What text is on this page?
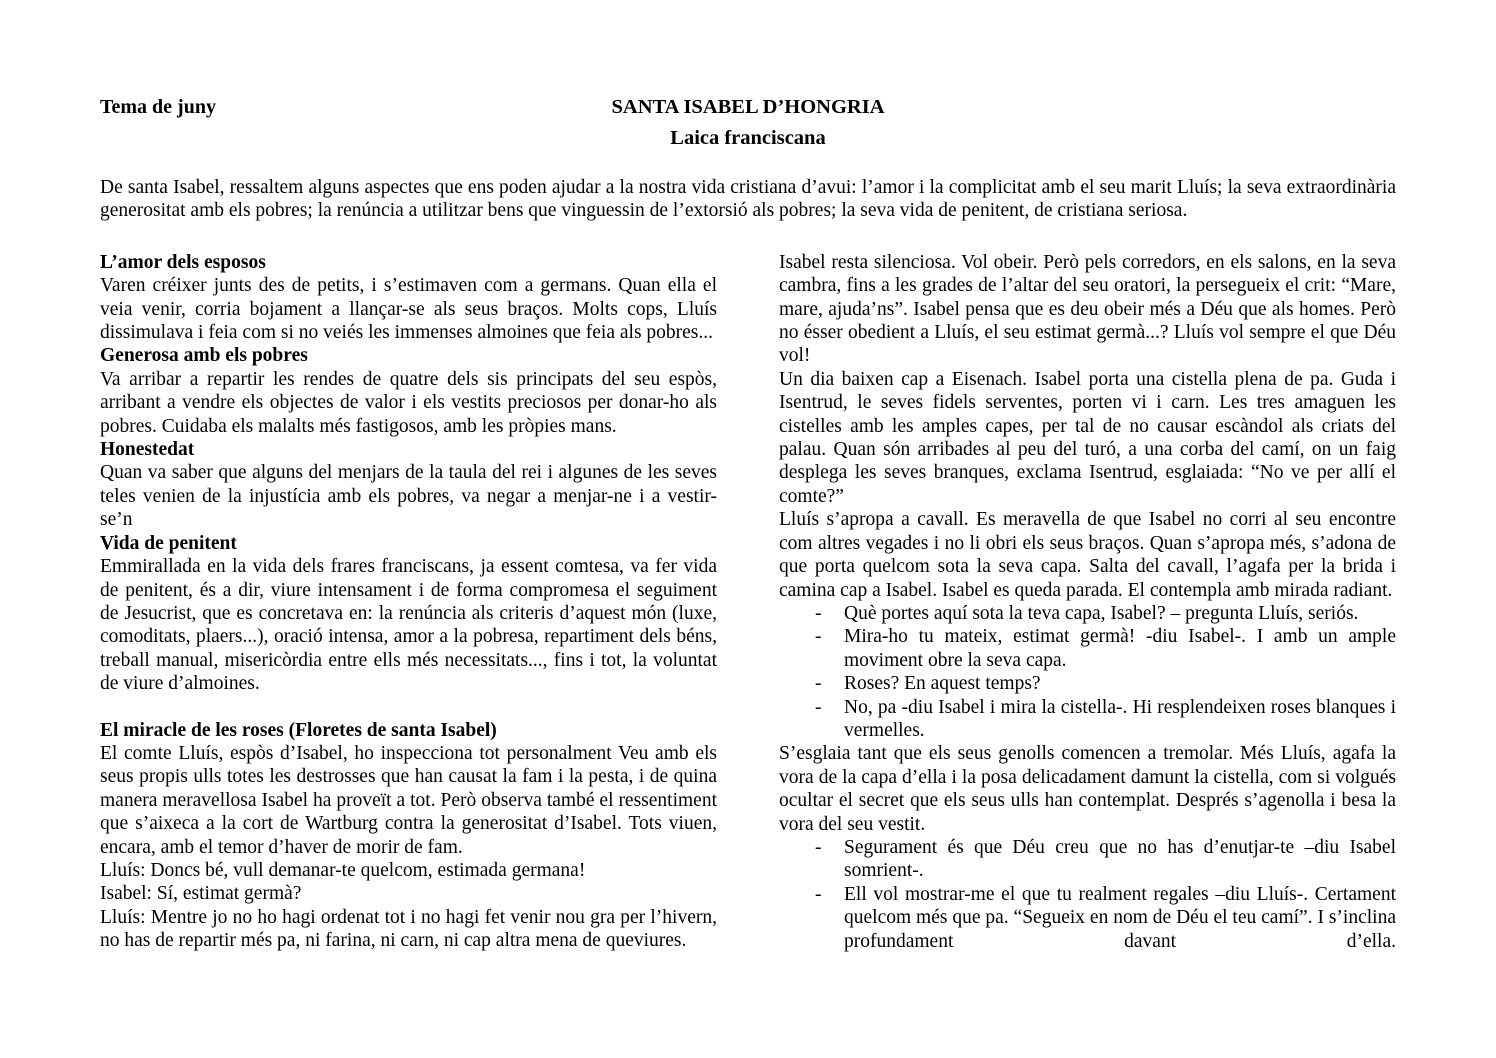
Tema de juny	SANTA ISABEL D’HONGRIA
Laica franciscana

De santa Isabel, ressaltem alguns aspectes que ens poden ajudar a la nostra vida cristiana d’avui: l’amor i la complicitat amb el seu marit Lluís; la seva extraordinària generositat amb els pobres; la renúncia a utilitzar bens que vinguessin de l’extorsió als pobres; la seva vida de penitent, de cristiana seriosa.

L’amor dels esposos

Varen créixer junts des de petits, i s’estimaven com a germans. Quan ella el veia venir, corria bojament a llançar-se als seus braços. Molts cops, Lluís dissimulava i feia com si no veiés les immenses almoines que feia als pobres...

Generosa amb els pobres

Va arribar a repartir les rendes de quatre dels sis principats del seu espòs, arribant a vendre els objectes de valor i els vestits preciosos per donar-ho als pobres. Cuidaba els malalts més fastigosos, amb les pròpies mans.

Honestedat

Quan va saber que alguns del menjars de la taula del rei i algunes de les seves teles venien de la injustícia amb els pobres, va negar a menjar-ne i a vestir-se’n

Vida de penitent

Emmirallada en la vida dels frares franciscans, ja essent comtesa, va fer vida de penitent, és a dir, viure intensament i de forma compromesa el seguiment de Jesucrist, que es concretava en: la renúncia als criteris d’aquest món (luxe, comoditats, plaers...), oració intensa, amor a la pobresa, repartiment dels béns, treball manual, misericòrdia entre ells més necessitats..., fins i tot, la voluntat de viure d’almoines.

El miracle de les roses (Floretes de santa Isabel)

El comte Lluís, espòs d’Isabel, ho inspecciona tot personalment Veu amb els seus propis ulls totes les destrosses que han causat la fam i la pesta, i de quina manera meravellosa Isabel ha proveït a tot. Però observa també el ressentiment que s’aixeca a la cort de Wartburg contra la generositat d’Isabel. Tots viuen, encara, amb el temor d’haver de morir de fam.

Lluís: Doncs bé, vull demanar-te quelcom, estimada germana!

Isabel: Sí, estimat germà?

Lluís: Mentre jo no ho hagi ordenat tot i no hagi fet venir nou gra per l’hivern, no has de repartir més pa, ni farina, ni carn, ni cap altra mena de queviures.

Isabel resta silenciosa. Vol obeir. Però pels corredors, en els salons, en la seva cambra, fins a les grades de l’altar del seu oratori, la persegueix el crit: “Mare, mare, ajuda’ns”. Isabel pensa que es deu obeir més a Déu que als homes. Però no ésser obedient a Lluís, el seu estimat germà...? Lluís vol sempre el que Déu vol!

Un dia baixen cap a Eisenach. Isabel porta una cistella plena de pa. Guda i Isentrud, le seves fidels serventes, porten vi i carn. Les tres amaguen les cistelles amb les amples capes, per tal de no causar escàndol als criats del palau. Quan són arribades al peu del turó, a una corba del camí, on un faig desplega les seves branques, exclama Isentrud, esglaiada: “No ve per allí el comte?”

Lluís s’apropa a cavall. Es meravella de que Isabel no corri al seu encontre com altres vegades i no li obri els seus braços. Quan s’apropa més, s’adona de que porta quelcom sota la seva capa. Salta del cavall, l’agafa per la brida i camina cap a Isabel. Isabel es queda parada. El contempla amb mirada radiant.

- Què portes aquí sota la teva capa, Isabel? – pregunta Lluís, seriós.
- Mira-ho tu mateix, estimat germà! -diu Isabel-. I amb un ample moviment obre la seva capa.
- Roses? En aquest temps?
- No, pa -diu Isabel i mira la cistella-. Hi resplendeixen roses blanques i vermelles.

S’esglaia tant que els seus genolls comencen a tremolar. Més Lluís, agafa la vora de la capa d’ella i la posa delicadament damunt la cistella, com si volgués ocultar el secret que els seus ulls han contemplat. Després s’agenolla i besa la vora del seu vestit.

- Segurament és que Déu creu que no has d’enutjar-te –diu Isabel somrient-.
- Ell vol mostrar-me el que tu realment regales –diu Lluís-. Certament quelcom més que pa. “Segueix en nom de Déu el teu camí”. I s’inclina profundament davant d’ella.
